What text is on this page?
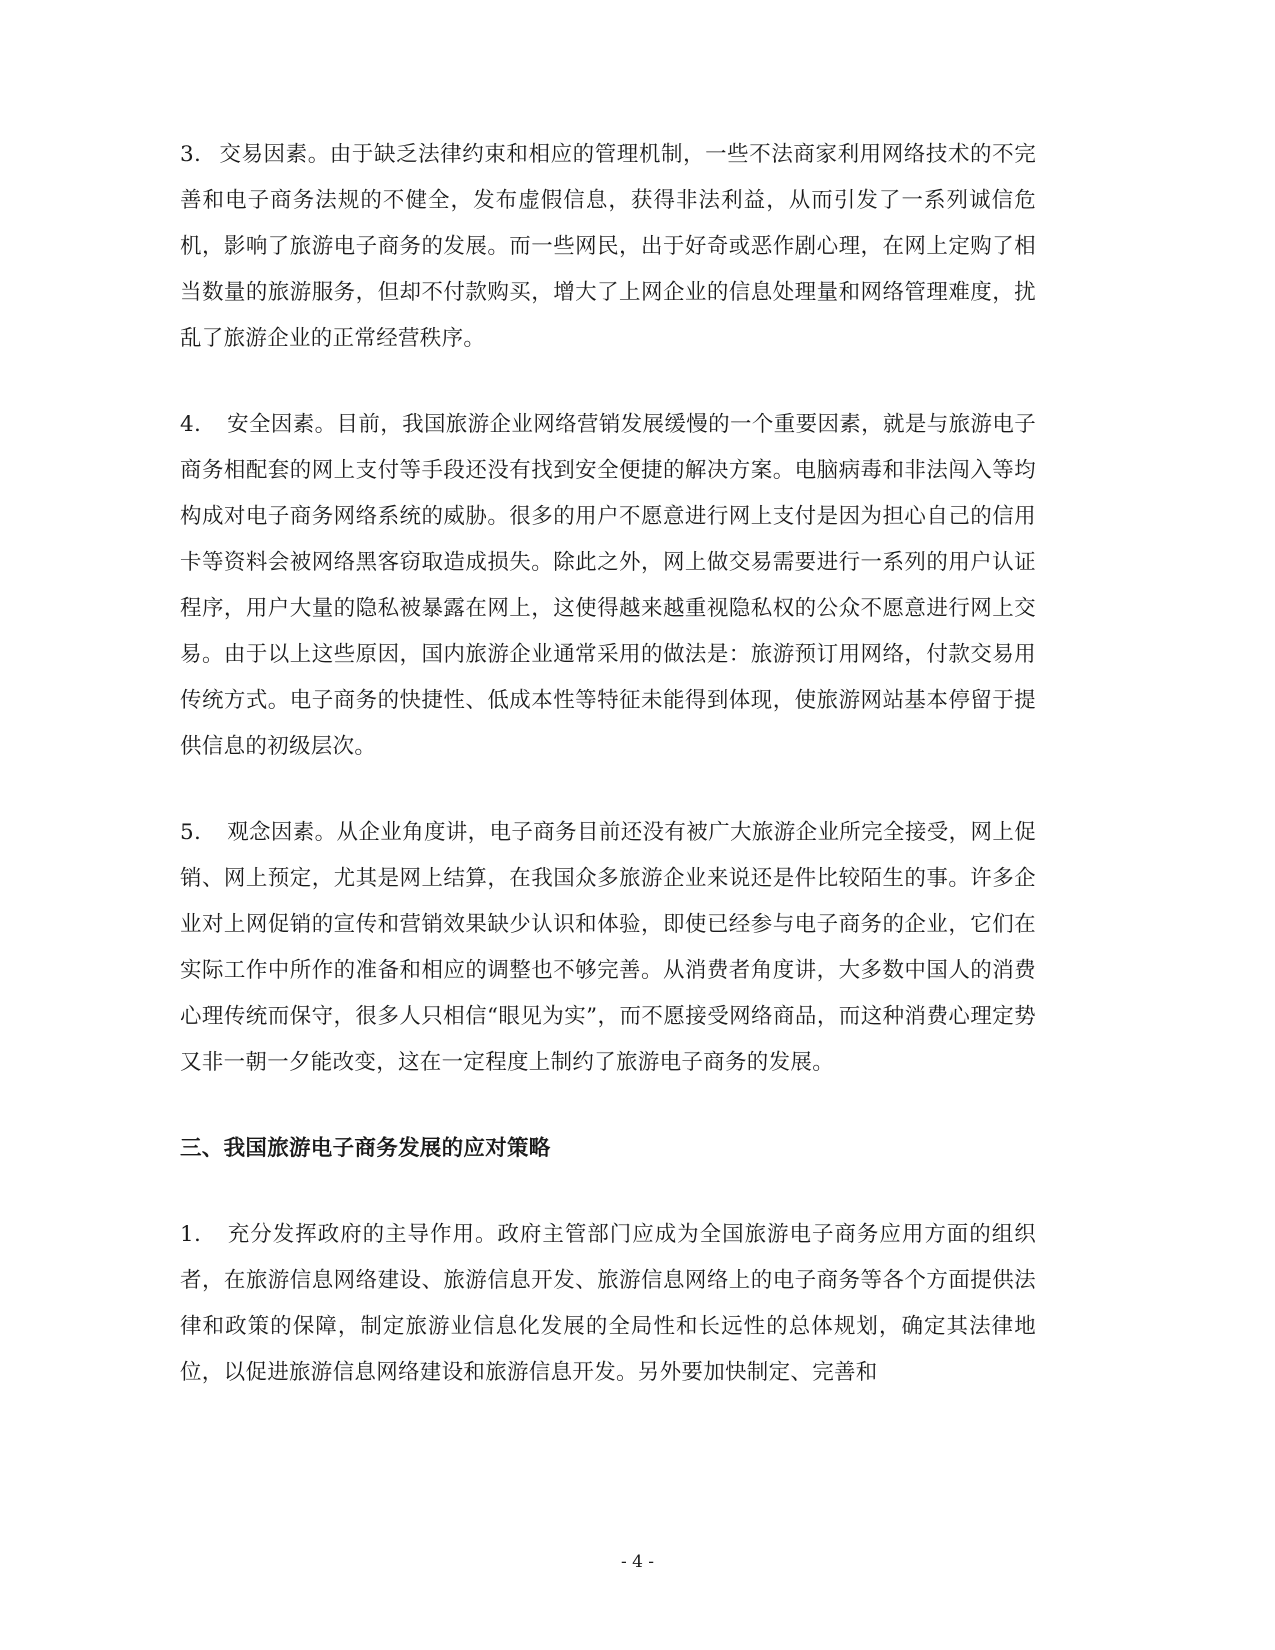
3. 交易因素。由于缺乏法律约束和相应的管理机制，一些不法商家利用网络技术的不完善和电子商务法规的不健全，发布虚假信息，获得非法利益，从而引发了一系列诚信危机，影响了旅游电子商务的发展。而一些网民，出于好奇或恶作剧心理，在网上定购了相当数量的旅游服务，但却不付款购买，增大了上网企业的信息处理量和网络管理难度，扰乱了旅游企业的正常经营秩序。

4. 安全因素。目前，我国旅游企业网络营销发展缓慢的一个重要因素，就是与旅游电子商务相配套的网上支付等手段还没有找到安全便捷的解决方案。电脑病毒和非法闯入等均构成对电子商务网络系统的威胁。很多的用户不愿意进行网上支付是因为担心自己的信用卡等资料会被网络黑客窃取造成损失。除此之外，网上做交易需要进行一系列的用户认证程序，用户大量的隐私被暴露在网上，这使得越来越重视隐私权的公众不愿意进行网上交易。由于以上这些原因，国内旅游企业通常采用的做法是：旅游预订用网络，付款交易用传统方式。电子商务的快捷性、低成本性等特征未能得到体现，使旅游网站基本停留于提供信息的初级层次。

5. 观念因素。从企业角度讲，电子商务目前还没有被广大旅游企业所完全接受，网上促销、网上预定，尤其是网上结算，在我国众多旅游企业来说还是件比较陌生的事。许多企业对上网促销的宣传和营销效果缺少认识和体验，即使已经参与电子商务的企业，它们在实际工作中所作的准备和相应的调整也不够完善。从消费者角度讲，大多数中国人的消费心理传统而保守，很多人只相信“眼见为实”，而不愿接受网络商品，而这种消费心理定势又非一朝一夕能改变，这在一定程度上制约了旅游电子商务的发展。

三、我国旅游电子商务发展的应对策略

1. 充分发挥政府的主导作用。政府主管部门应成为全国旅游电子商务应用方面的组织者，在旅游信息网络建设、旅游信息开发、旅游信息网络上的电子商务等各个方面提供法律和政策的保障，制定旅游业信息化发展的全局性和长远性的总体规划，确定其法律地位，以促进旅游信息网络建设和旅游信息开发。另外要加快制定、完善和

- 4 -
